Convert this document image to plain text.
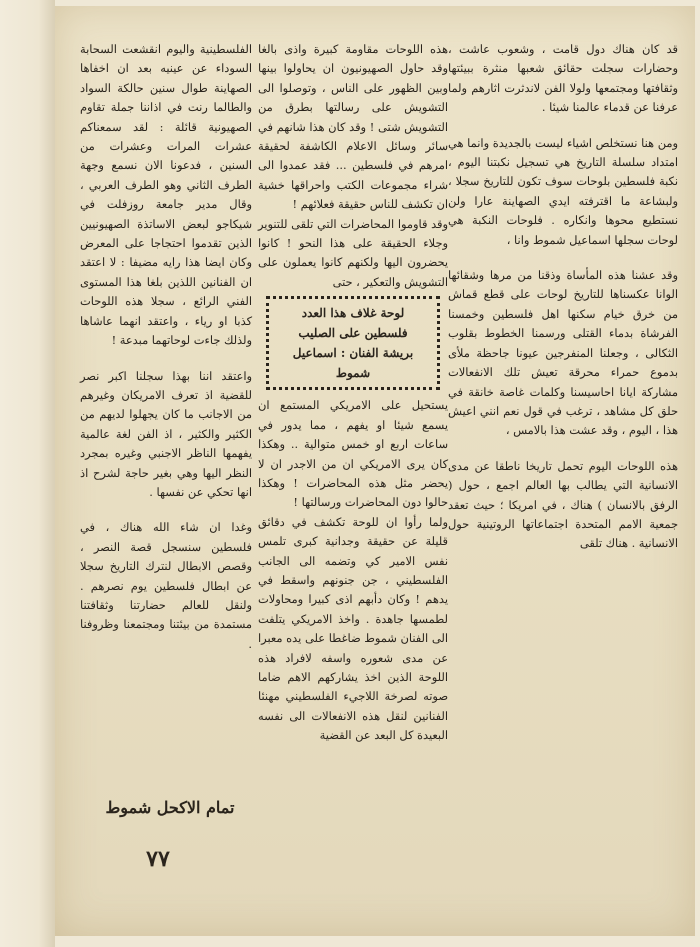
قد كان هناك دول قامت ، وشعوب عاشت ، وحضارات سجلت حقائق شعبها منثرة ببيئتها وثقافتها ومجتمعها ولولا الفن لاندثرت اثارهم ولما عرفنا عن قدماء عالمنا شيئا .

ومن هنا نستخلص اشياء ليست بالجديدة وانما هي امتداد سلسلة التاريخ هي تسجيل نكبتنا اليوم ، نكبة فلسطين بلوحات سوف تكون للتاريخ سجلا ، ولبشاعة ما اقترفته ايدي الصهاينة عارا ولن نستطيع محوها وانكاره . فلوحات النكبة هي لوحات سجلها اسماعيل شموط وانا ،

وقد عشنا هذه المأساة وذقنا من مرها وشقائها الوانا عكسناها للتاريخ لوحات على قطع قماش من خرق خيام سكنها اهل فلسطين وخمسنا الفرشاة بدماء القتلى ورسمنا الخطوط بقلوب الثكالى ، وجعلنا المنفرجين عيونا جاحظة ملأى بدموع حمراء محرقة تعيش تلك الانفعالات مشاركة ايانا احاسيسنا وكلمات غاصة خانقة في حلق كل مشاهد ، ترغب في قول نعم انني اعيش هذا ، اليوم ، وقد عشت هذا بالامس ،

هذه اللوحات اليوم تحمل تاريخا ناطقا عن مدى الانسانية التي يطالب بها العالم اجمع ، حول ( الرفق بالانسان ) هناك ، في امريكا ؛ حيث تعقد جمعية الامم المتحدة اجتماعاتها الروتينية حول الانسانية . هناك تلقى

هذه اللوحات مقاومة كبيرة واذى بالغا وقد حاول الصهيونيون ان يحاولوا بينها وبين الظهور على الناس ، وتوصلوا الى التشويش على رسالتها بطرق من التشويش شتى ! وقد كان هذا شانهم في سائر وسائل الاعلام الكاشفة لحقيقة امرهم في فلسطين ... فقد عمدوا الى شراء مجموعات الكتب واحراقها خشية ان تكشف للناس حقيقة فعلائهم !

وقد قاوموا المحاضرات التي تلقى للتنوير وجلاء الحقيقة على هذا النحو ! كانوا يحضرون اليها ولكنهم كانوا يعملون على التشويش والتعكير ، حتى

لوحة غلاف هذا العدد
فلسطين على الصليب
بريشة الفنان : اسماعيل شموط

يستحيل على الامريكي المستمع ان يسمع شيئا او يفهم ، مما يدور في ساعات اربع او خمس متوالية .. وهكذا كان يرى الامريكي ان من الاجدر ان لا يحضر مثل هذه المحاضرات ! وهكذا حالوا دون المحاضرات ورسالتها !

ولما رأوا ان للوحة تكشف في دقائق قليلة عن حقيقة وجدانية كبرى تلمس نفس الامير كي وتضمه الى الجانب الفلسطيني ، جن جنونهم واسقط في يدهم ! وكان دأبهم اذى كبيرا ومحاولات لطمسها جاهدة . واخذ الامريكي يتلفت الى الفنان شموط ضاغطا على يده معبرا عن مدى شعوره واسفه لافراد هذه اللوحة الذين اخذ يشاركهم الاهم ضاما صوته لصرخة اللاجيء الفلسطيني مهنئا الفنانين لنقل هذه الانفعالات الى نفسه البعيدة كل البعد عن القضية

الفلسطينية واليوم انقشعت السحابة السوداء عن عينيه بعد ان اخفاها الصهاينة طوال سنين حالكة السواد والطالما رنت في اذاننا جملة تقاوم الصهيونية قائلة : لقد سمعناكم عشرات المرات وعشرات من السنين ، فدعونا الان نسمع وجهة الطرف الثاني وهو الطرف العربي ، وقال مدير جامعة روزفلت في شيكاجو لبعض الاساتذة الصهيونيين الذين تقدموا احتجاجا على المعرض وكان ايضا هذا رايه مضيفا : لا اعتقد ان الفنانين اللذين بلغا هذا المستوى الفني الرائع ، سجلا هذه اللوحات كذبا او رياء ، واعتقد انهما عاشاها ولذلك جاءت لوحاتهما مبدعة !

واعتقد اننا بهذا سجلنا اكبر نصر للقضية اذ تعرف الامريكان وغيرهم من الاجانب ما كان يجهلوا لديهم من الكثير والكثير ، اذ الفن لغة عالمية يفهمها الناظر الاجنبي وغيره بمجرد النظر اليها وهي بغير حاجة لشرح اذ انها تحكي عن نفسها .

وغدا ان شاء الله هناك ، في فلسطين سنسجل قصة النصر ، وقصص الابطال لنترك التاريخ سجلا عن ابطال فلسطين يوم نصرهم . ولنقل للعالم حضارتنا وثقافتنا مستمدة من بيئتنا ومجتمعنا وظروفنا .

تمام الاكحل شموط
٧٧
